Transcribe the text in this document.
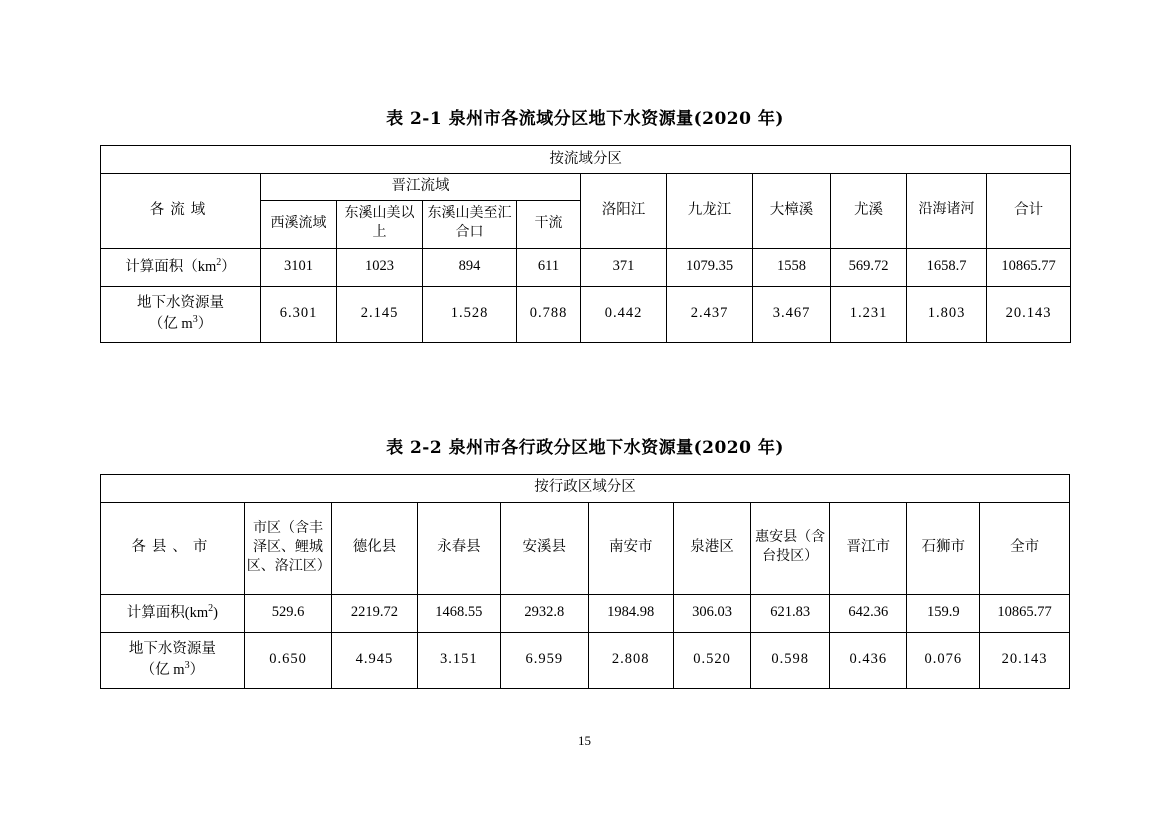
表 2-1 泉州市各流域分区地下水资源量(2020 年)
按流域分区										
各流域	晋江流域				洛阳江	九龙江	大樟溪	尤溪	沿海诸河	合计
	西溪流域	东溪山美以上	东溪山美至汇合口	干流						
计算面积$(km^2)$	3101	1023	894	611	371	1079.35	1558	569.72	1658.7	10865.77

地下水资源量
（亿 $m^3$）	6.301	2.145	1.528	0.788	0.442	2.437	3.467	1.231	1.803	20.143
表 2-2 泉州市各行政分区地下水资源量(2020 年)
按行政区域分区										
各县、市	市区（含丰泽区、鲤城区、洛江区）	德化县	永春县	安溪县	南安市	泉港区	惠安县（含台投区）	晋江市	石狮市	全市
计算面积$(km^2)$	529.6	2219.72	1468.55	2932.8	1984.98	306.03	621.83	642.36	159.9	10865.77

地下水资源量
（亿 $m^3$）	0.650	4.945	3.151	6.959	2.808	0.520	0.598	0.436	0.076	20.143
15
